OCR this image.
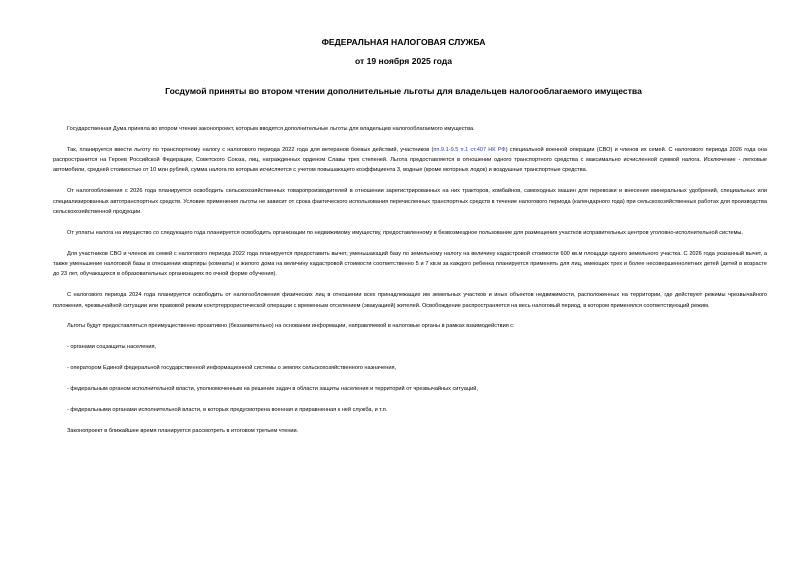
ФЕДЕРАЛЬНАЯ НАЛОГОВАЯ СЛУЖБА
от 19 ноября 2025 года
Госдумой приняты во втором чтении дополнительные льготы для владельцев налогооблагаемого имущества

Государственная Дума приняла во втором чтении законопроект, которым вводятся дополнительные льготы для владельцев налогооблагаемого имущества.

Так, планируется ввести льготу по транспортному налогу с налогового периода 2022 года для ветеранов боевых действий, участников (пп.9.1-9.5 п.1 ст.407 НК РФ) специальной военной операции (СВО) и членов их семей. С налогового периода 2026 года она распространится на Героев Российской Федерации, Советского Союза, лиц, награжденных орденом Славы трех степеней. Льгота предоставляется в отношении одного транспортного средства с максимально исчисленной суммой налога. Исключение - легковые автомобили, средней стоимостью от 10 млн рублей, сумма налога по которым исчисляется с учетом повышающего коэффициента 3, водные (кроме моторных лодок) и воздушные транспортные средства.

От налогообложения с 2026 года планируется освободить сельскохозяйственных товаропроизводителей в отношении зарегистрированных на них тракторов, комбайнов, самоходных машин для перевозки и внесения минеральных удобрений, специальных или специализированных автотранспортных средств. Условие применения льготы не зависит от срока фактического использования перечисленных транспортных средств в течение налогового периода (календарного года) при сельскохозяйственных работах для производства сельскохозяйственной продукции.

От уплаты налога на имущество со следующего года планируется освободить организации по недвижимому имуществу, предоставленному в безвозмездное пользование для размещения участков исправительных центров уголовно-исполнительной системы.

Для участников СВО и членов их семей с налогового периода 2022 года планируется предоставить вычет, уменьшающий базу по земельному налогу на величину кадастровой стоимости 600 кв.м площади одного земельного участка. С 2026 года указанный вычет, а также уменьшение налоговой базы в отношении квартиры (комнаты) и жилого дома на величину кадастровой стоимости соответственно 5 и 7 кв.м за каждого ребенка планируется применять для лиц, имеющих трех и более несовершеннолетних детей (детей в возрасте до 23 лет, обучающихся в образовательных организациях по очной форме обучения).

С налогового периода 2024 года планируется освободить от налогообложения физических лиц в отношении всех принадлежащих им земельных участков и иных объектов недвижимости, расположенных на территории, где действуют режимы чрезвычайного положения, чрезвычайной ситуации или правовой режим контртеррористической операции с временным отселением (эвакуацией) жителей. Освобождение распространяется на весь налоговый период, в котором применялся соответствующий режим.

Льготы будут предоставляться преимущественно проактивно (беззаявительно) на основании информации, направляемой в налоговые органы в рамках взаимодействия с:

- органами соцзащиты населения,

- оператором Единой федеральной государственной информационной системы о землях сельскохозяйственного назначения,

- федеральным органом исполнительной власти, уполномоченным на решение задач в области защиты населения и территорий от чрезвычайных ситуаций,

- федеральными органами исполнительной власти, в которых предусмотрена военная и приравненная к ней служба, и т.п.

Законопроект в ближайшее время планируется рассмотреть в итоговом третьем чтении.
